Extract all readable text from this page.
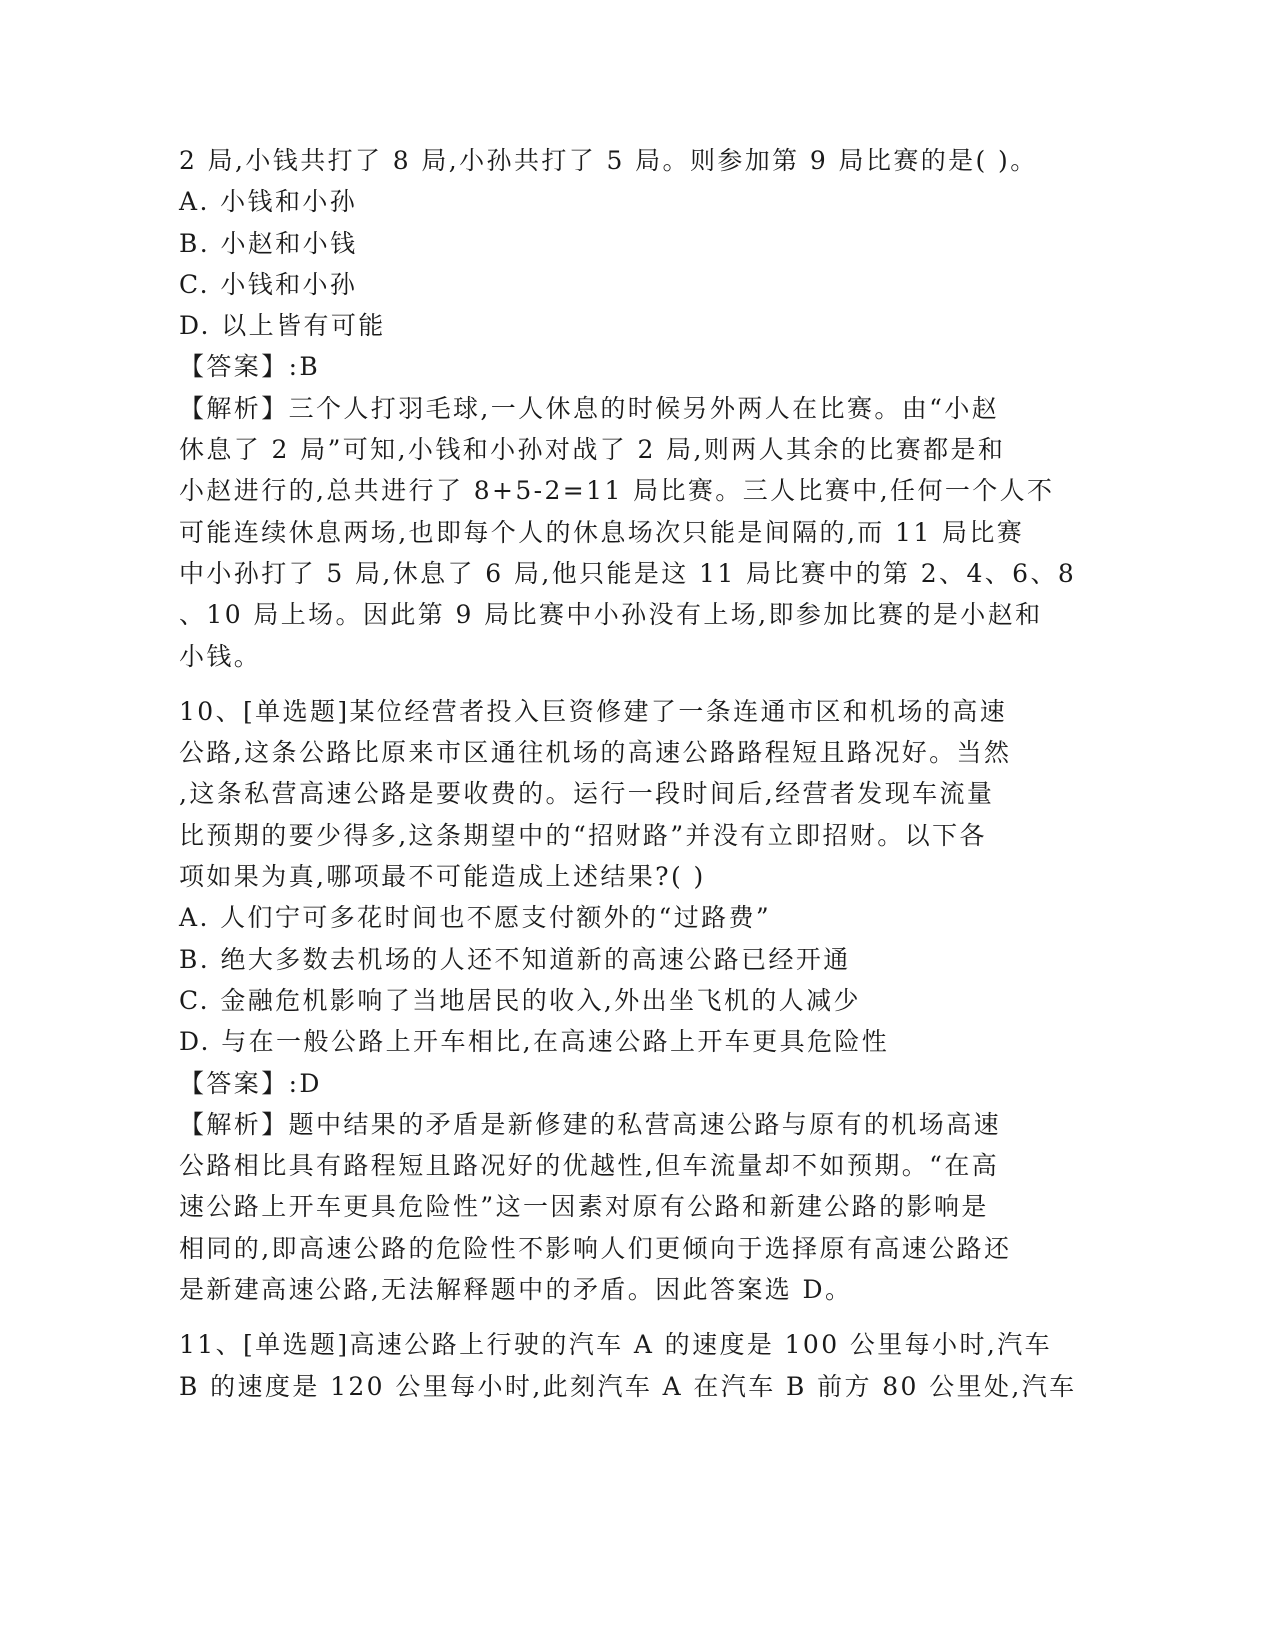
2 局,小钱共打了 8 局,小孙共打了 5 局。则参加第 9 局比赛的是( )。
A. 小钱和小孙
B. 小赵和小钱
C. 小钱和小孙
D. 以上皆有可能
【答案】:B
【解析】三个人打羽毛球,一人休息的时候另外两人在比赛。由“小赵
休息了 2 局”可知,小钱和小孙对战了 2 局,则两人其余的比赛都是和
小赵进行的,总共进行了 8+5-2=11 局比赛。三人比赛中,任何一个人不
可能连续休息两场,也即每个人的休息场次只能是间隔的,而 11 局比赛
中小孙打了 5 局,休息了 6 局,他只能是这 11 局比赛中的第 2、4、6、8
、10 局上场。因此第 9 局比赛中小孙没有上场,即参加比赛的是小赵和
小钱。
10、[单选题]某位经营者投入巨资修建了一条连通市区和机场的高速
公路,这条公路比原来市区通往机场的高速公路路程短且路况好。当然
,这条私营高速公路是要收费的。运行一段时间后,经营者发现车流量
比预期的要少得多,这条期望中的“招财路”并没有立即招财。以下各
项如果为真,哪项最不可能造成上述结果?( )
A. 人们宁可多花时间也不愿支付额外的“过路费”
B. 绝大多数去机场的人还不知道新的高速公路已经开通
C. 金融危机影响了当地居民的收入,外出坐飞机的人减少
D. 与在一般公路上开车相比,在高速公路上开车更具危险性
【答案】:D
【解析】题中结果的矛盾是新修建的私营高速公路与原有的机场高速
公路相比具有路程短且路况好的优越性,但车流量却不如预期。“在高
速公路上开车更具危险性”这一因素对原有公路和新建公路的影响是
相同的,即高速公路的危险性不影响人们更倾向于选择原有高速公路还
是新建高速公路,无法解释题中的矛盾。因此答案选 D。
11、[单选题]高速公路上行驶的汽车 A 的速度是 100 公里每小时,汽车
B 的速度是 120 公里每小时,此刻汽车 A 在汽车 B 前方 80 公里处,汽车
